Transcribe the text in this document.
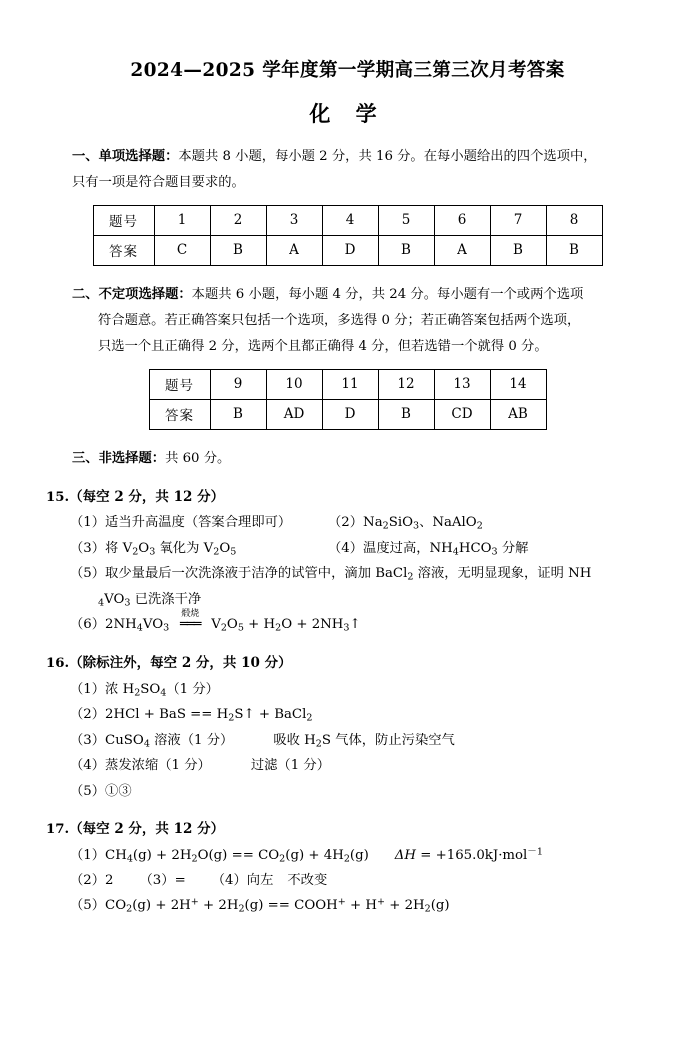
2024—2025 学年度第一学期高三第三次月考答案
化 学
一、单项选择题：本题共 8 小题，每小题 2 分，共 16 分。在每小题给出的四个选项中，
只有一项是符合题目要求的。
题号	1	2	3	4	5	6	7	8
答案	C	B	A	D	B	A	B	B
二、不定项选择题：本题共 6 小题，每小题 4 分，共 24 分。每小题有一个或两个选项
符合题意。若正确答案只包括一个选项，多选得 0 分；若正确答案包括两个选项，
只选一个且正确得 2 分，选两个且都正确得 4 分，但若选错一个就得 0 分。
题号	9	10	11	12	13	14
答案	B	AD	D	B	CD	AB
三、非选择题：共 60 分。
15.（每空 2 分，共 12 分）
（1）适当升高温度（答案合理即可）	$(2)Na_2SiO_3$、NaAlO$_2$
（3）将 $V_2O_3$ 氧化为 $V_2O_5$	（4）温度过高，$NH_4HCO_3$ 分解
（5）取少量最后一次洗涤液于洁净的试管中，滴加 BaCl$_2$ 溶液，无明显现象，证明 NH
$_4VO_3$ 已洗涤干净
$(6)2NH_4VO_3$
煅烧
═══ $V_2O_5 + H_2O$ + $2NH_3↑$
16.（除标注外，每空 2 分，共 10 分）
（1）浓 $H_2SO_4(1$ 分）
（2）2HCl + BaS == $H_2S↑$ + BaCl$_2$
（3）CuSO$_4$ 溶液（1 分）	吸收 $H_2S$ 气体，防止污染空气
（4）蒸发浓缩（1 分）	过滤（1 分）
（5）①③
17.（每空 2 分，共 12 分）
$(1)CH_4(g) + 2H_2O(g) == CO_2(g) + 4H_2(g) \Delta H = +165.0kJ\cdot mol^{-1}$
（2）2 （3）= （4）向左 不改变
$(5)CO_2(g) + 2H^+ + 2H_2(g)$ == COOH+ + $H^+ + 2H_2(g)$
